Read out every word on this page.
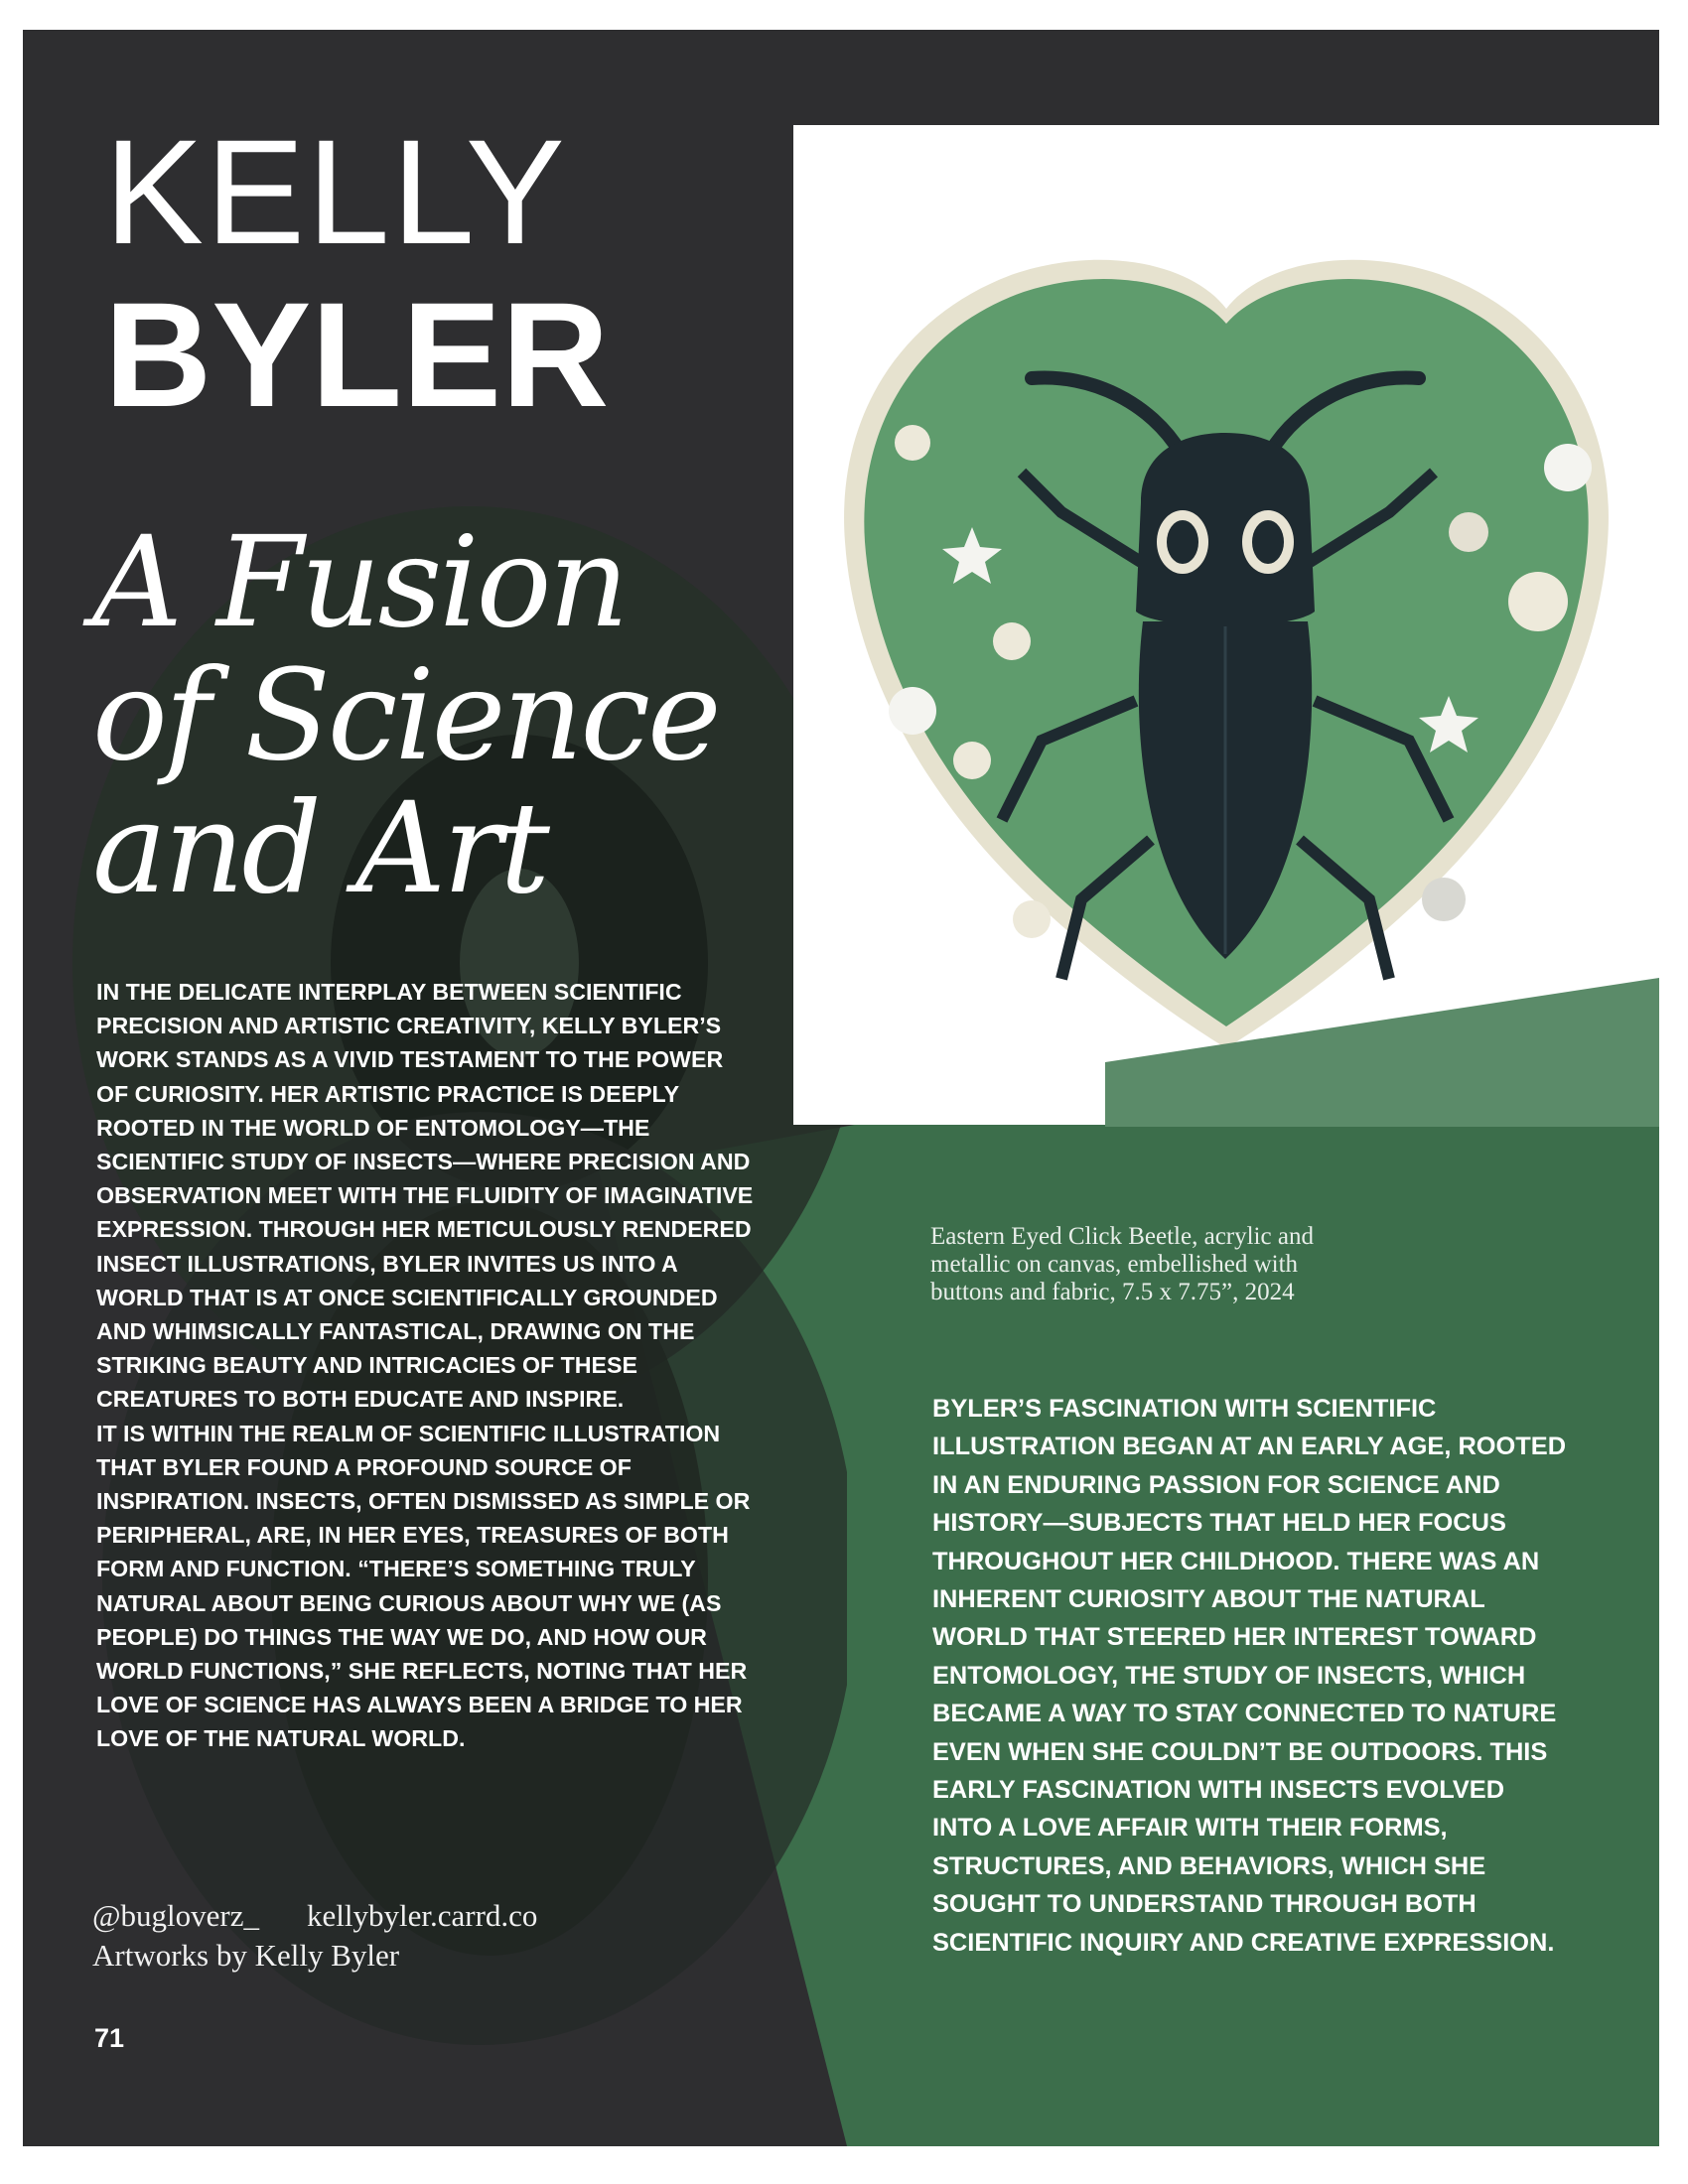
KELLY
BYLER
A Fusion
of Science
and Art

IN THE DELICATE INTERPLAY BETWEEN SCIENTIFIC PRECISION AND ARTISTIC CREATIVITY, KELLY BYLER’S WORK STANDS AS A VIVID TESTAMENT TO THE POWER OF CURIOSITY. HER ARTISTIC PRACTICE IS DEEPLY ROOTED IN THE WORLD OF ENTOMOLOGY—THE SCIENTIFIC STUDY OF INSECTS—WHERE PRECISION AND OBSERVATION MEET WITH THE FLUIDITY OF IMAGINATIVE EXPRESSION. THROUGH HER METICULOUSLY RENDERED INSECT ILLUSTRATIONS, BYLER INVITES US INTO A WORLD THAT IS AT ONCE SCIENTIFICALLY GROUNDED AND WHIMSICALLY FANTASTICAL, DRAWING ON THE STRIKING BEAUTY AND INTRICACIES OF THESE CREATURES TO BOTH EDUCATE AND INSPIRE.

IT IS WITHIN THE REALM OF SCIENTIFIC ILLUSTRATION THAT BYLER FOUND A PROFOUND SOURCE OF INSPIRATION. INSECTS, OFTEN DISMISSED AS SIMPLE OR PERIPHERAL, ARE, IN HER EYES, TREASURES OF BOTH FORM AND FUNCTION. “THERE’S SOMETHING TRULY NATURAL ABOUT BEING CURIOUS ABOUT WHY WE (AS PEOPLE) DO THINGS THE WAY WE DO, AND HOW OUR WORLD FUNCTIONS,” SHE REFLECTS, NOTING THAT HER LOVE OF SCIENCE HAS ALWAYS BEEN A BRIDGE TO HER LOVE OF THE NATURAL WORLD.

Eastern Eyed Click Beetle, acrylic and metallic on canvas, embellished with buttons and fabric, 7.5 x 7.75”, 2024

BYLER’S FASCINATION WITH SCIENTIFIC ILLUSTRATION BEGAN AT AN EARLY AGE, ROOTED IN AN ENDURING PASSION FOR SCIENCE AND HISTORY—SUBJECTS THAT HELD HER FOCUS THROUGHOUT HER CHILDHOOD. THERE WAS AN INHERENT CURIOSITY ABOUT THE NATURAL WORLD THAT STEERED HER INTEREST TOWARD ENTOMOLOGY, THE STUDY OF INSECTS, WHICH BECAME A WAY TO STAY CONNECTED TO NATURE EVEN WHEN SHE COULDN’T BE OUTDOORS. THIS EARLY FASCINATION WITH INSECTS EVOLVED INTO A LOVE AFFAIR WITH THEIR FORMS, STRUCTURES, AND BEHAVIORS, WHICH SHE SOUGHT TO UNDERSTAND THROUGH BOTH SCIENTIFIC INQUIRY AND CREATIVE EXPRESSION.

@bugloverz_ kellybyler.carrd.co
Artworks by Kelly Byler
71
